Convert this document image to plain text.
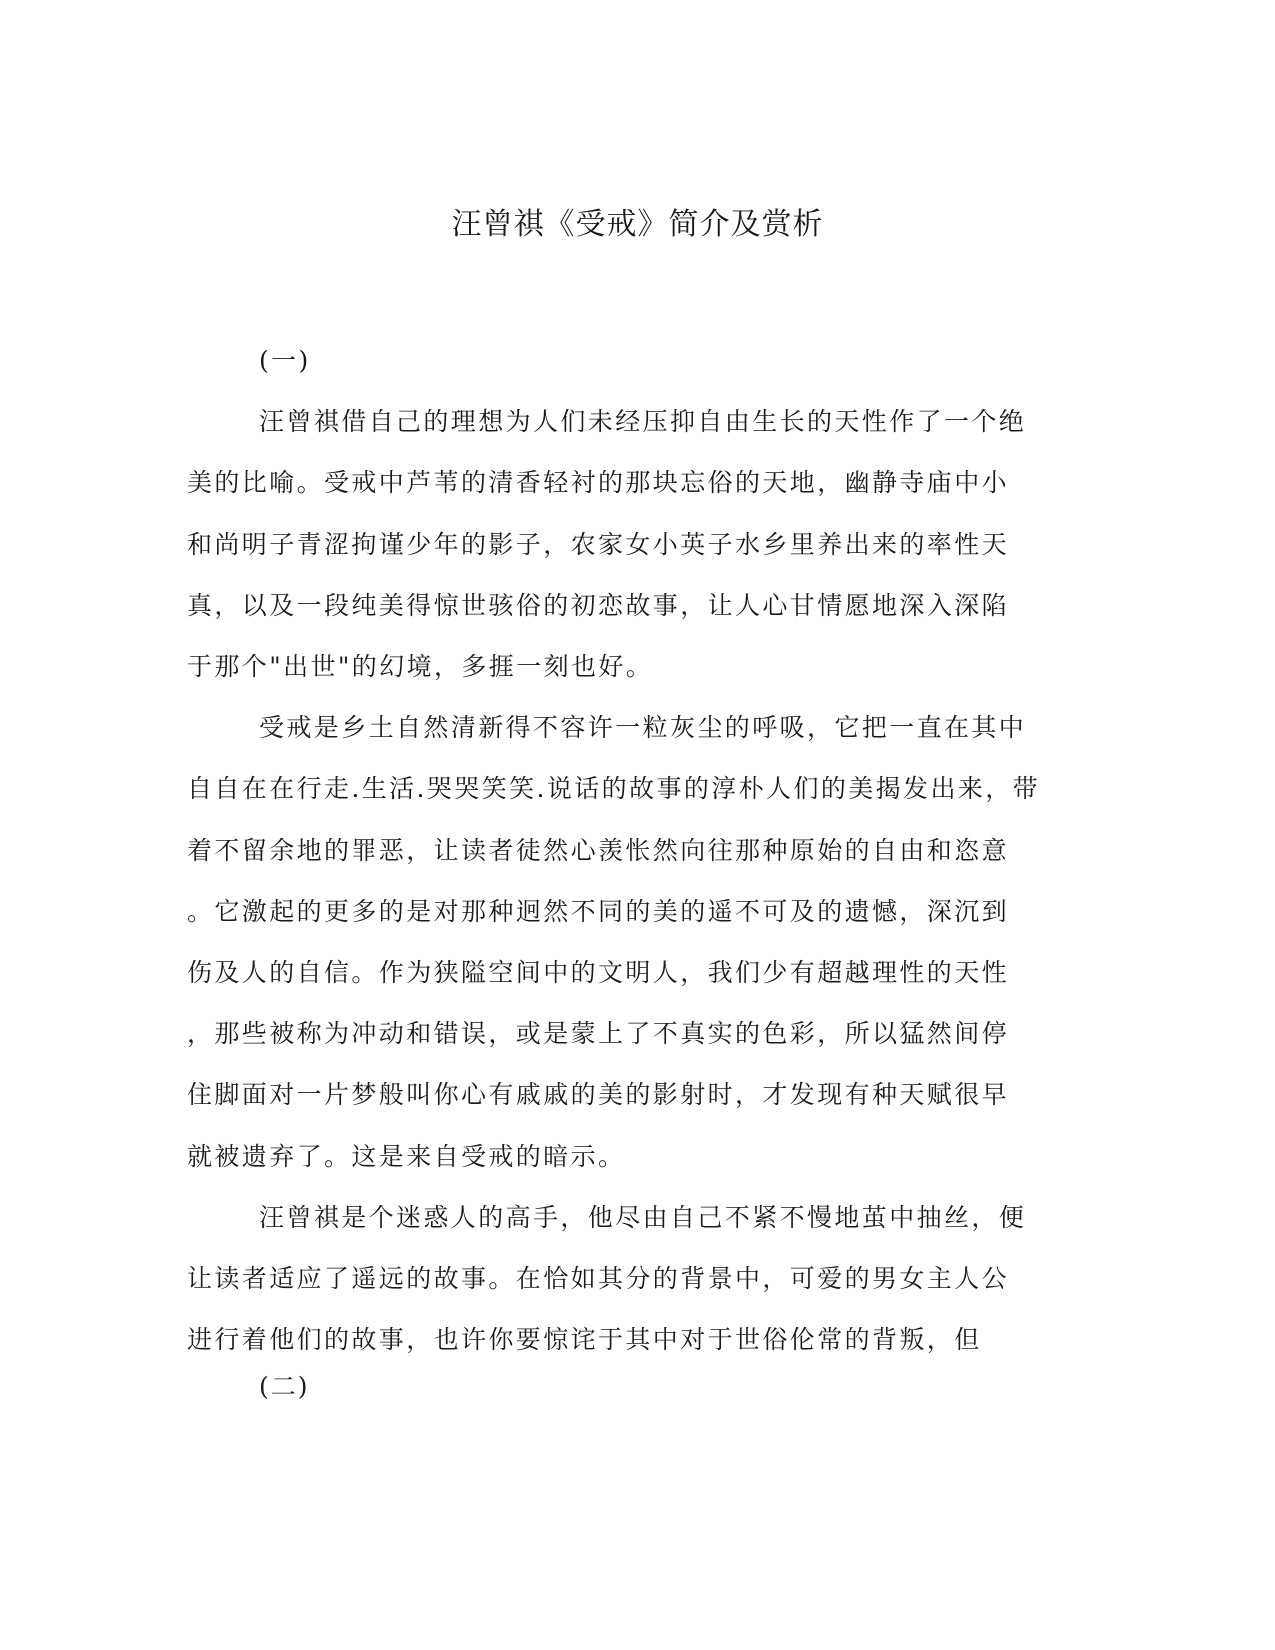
汪曾祺《受戒》简介及赏析
(一)
汪曾祺借自己的理想为人们未经压抑自由生长的天性作了一个绝
美的比喻。受戒中芦苇的清香轻衬的那块忘俗的天地，幽静寺庙中小
和尚明子青涩拘谨少年的影子，农家女小英子水乡里养出来的率性天
真，以及一段纯美得惊世骇俗的初恋故事，让人心甘情愿地深入深陷
于那个"出世"的幻境，多捱一刻也好。
受戒是乡土自然清新得不容许一粒灰尘的呼吸，它把一直在其中
自自在在行走.生活.哭哭笑笑.说话的故事的淳朴人们的美揭发出来，带
着不留余地的罪恶，让读者徒然心羡怅然向往那种原始的自由和恣意
。它激起的更多的是对那种迥然不同的美的遥不可及的遗憾，深沉到
伤及人的自信。作为狭隘空间中的文明人，我们少有超越理性的天性
，那些被称为冲动和错误，或是蒙上了不真实的色彩，所以猛然间停
住脚面对一片梦般叫你心有戚戚的美的影射时，才发现有种天赋很早
就被遗弃了。这是来自受戒的暗示。
汪曾祺是个迷惑人的高手，他尽由自己不紧不慢地茧中抽丝，便
让读者适应了遥远的故事。在恰如其分的背景中，可爱的男女主人公
进行着他们的故事，也许你要惊诧于其中对于世俗伦常的背叛，但
(二)
